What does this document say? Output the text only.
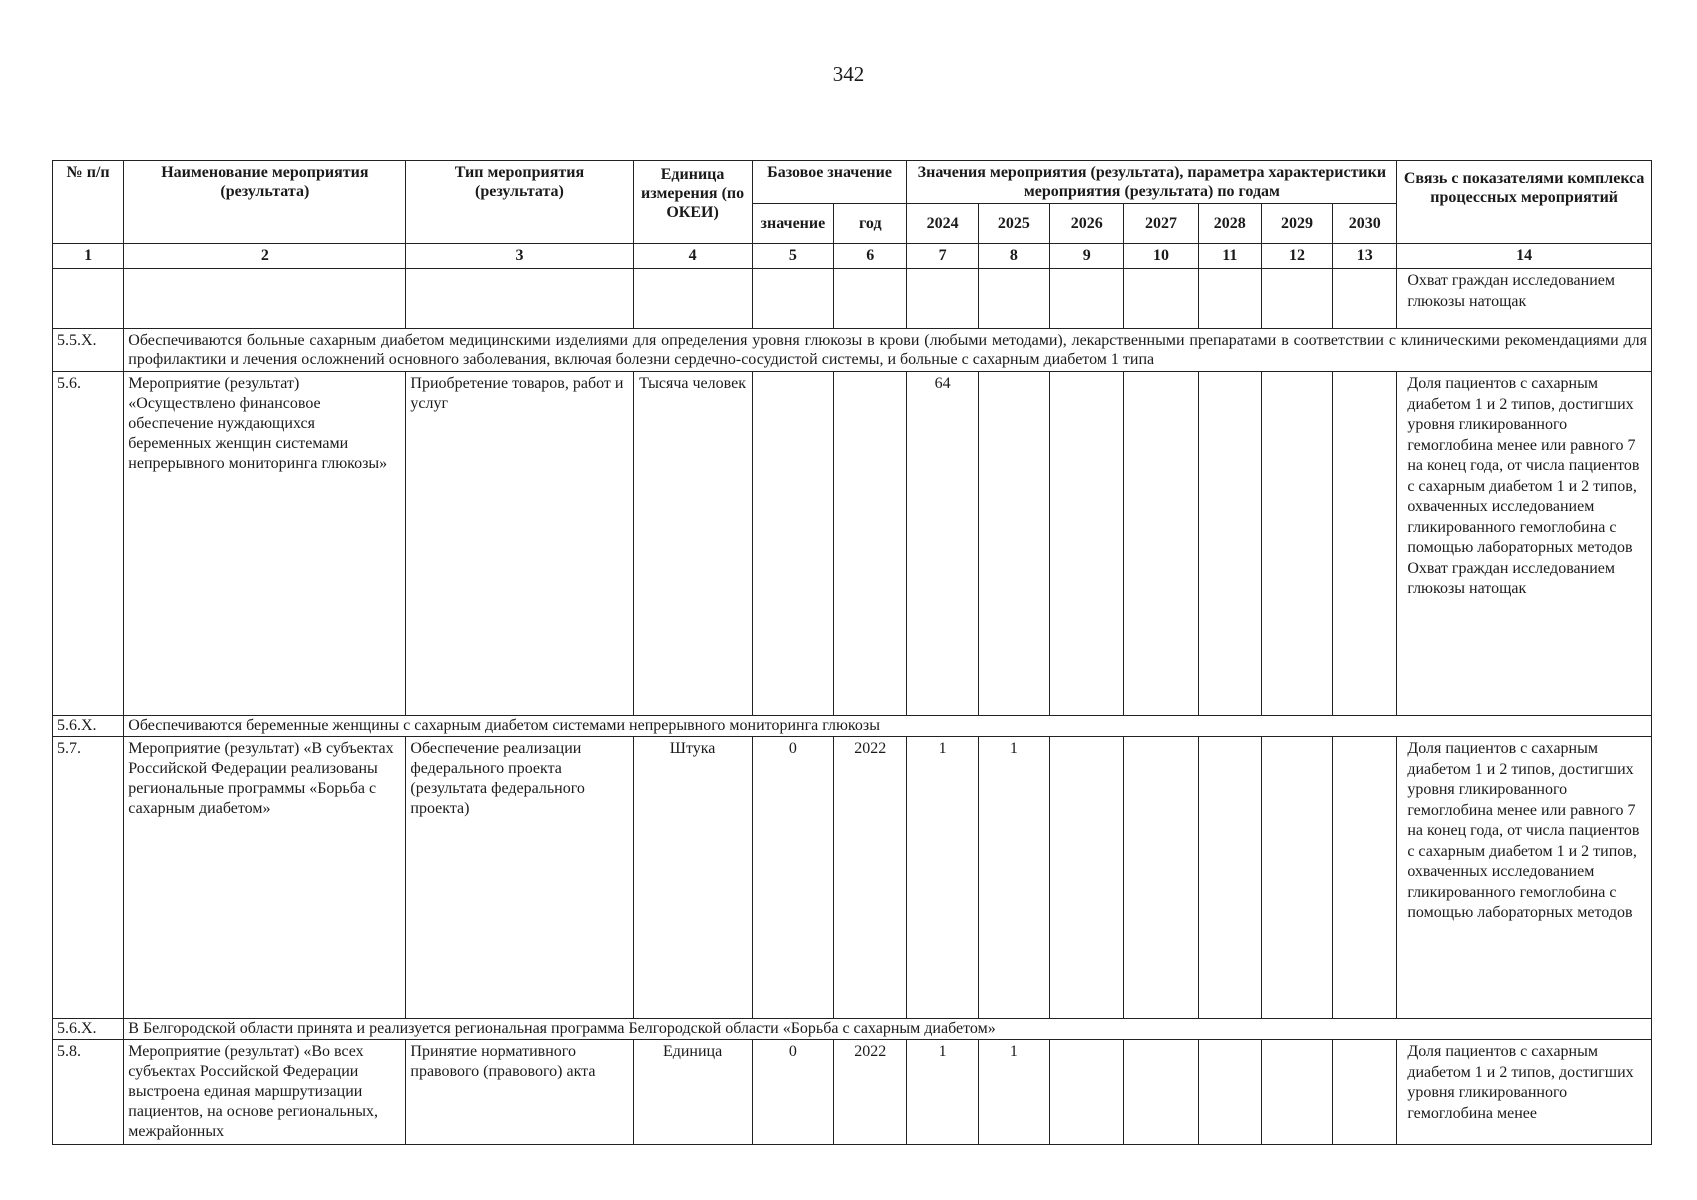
342
№ п/п	Наименование мероприятия (результата)	Тип мероприятия (результата)	Единица измерения (по ОКЕИ)	Базовое значение		Значения мероприятия (результата), параметра характеристики мероприятия (результата) по годам							Связь с показателями комплекса процессных мероприятий
				значение	год	2024	2025	2026	2027	2028	2029	2030	
1	2	3	4	5	6	7	8	9	10	11	12	13	14
													Охват граждан исследованием глюкозы натощак
5.5.Х.	Обеспечиваются больные сахарным диабетом медицинскими изделиями для определения уровня глюкозы в крови (любыми методами), лекарственными препаратами в соответствии с клиническими рекомендациями для профилактики и лечения осложнений основного заболевания, включая болезни сердечно-сосудистой системы, и больные с сахарным диабетом 1 типа												
5.6.	Мероприятие (результат) «Осуществлено финансовое обеспечение нуждающихся беременных женщин системами непрерывного мониторинга глюкозы»	Приобретение товаров, работ и услуг	Тысяча человек			64							Доля пациентов с сахарным диабетом 1 и 2 типов, достигших уровня гликированного гемоглобина менее или равного 7 на конец года, от числа пациентов с сахарным диабетом 1 и 2 типов, охваченных исследованием гликированного гемоглобина с помощью лабораторных методов Охват граждан исследованием глюкозы натощак
5.6.Х.	Обеспечиваются беременные женщины с сахарным диабетом системами непрерывного мониторинга глюкозы												
5.7.	Мероприятие (результат) «В субъектах Российской Федерации реализованы региональные программы «Борьба с сахарным диабетом»	Обеспечение реализации федерального проекта (результата федерального проекта)	Штука	0	2022	1	1						Доля пациентов с сахарным диабетом 1 и 2 типов, достигших уровня гликированного гемоглобина менее или равного 7 на конец года, от числа пациентов с сахарным диабетом 1 и 2 типов, охваченных исследованием гликированного гемоглобина с помощью лабораторных методов
5.6.Х.	В Белгородской области принята и реализуется региональная программа Белгородской области «Борьба с сахарным диабетом»												
5.8.	Мероприятие (результат) «Во всех субъектах Российской Федерации выстроена единая маршрутизации пациентов, на основе региональных, межрайонных	Принятие нормативного правового (правового) акта	Единица	0	2022	1	1						Доля пациентов с сахарным диабетом 1 и 2 типов, достигших уровня гликированного гемоглобина менее
